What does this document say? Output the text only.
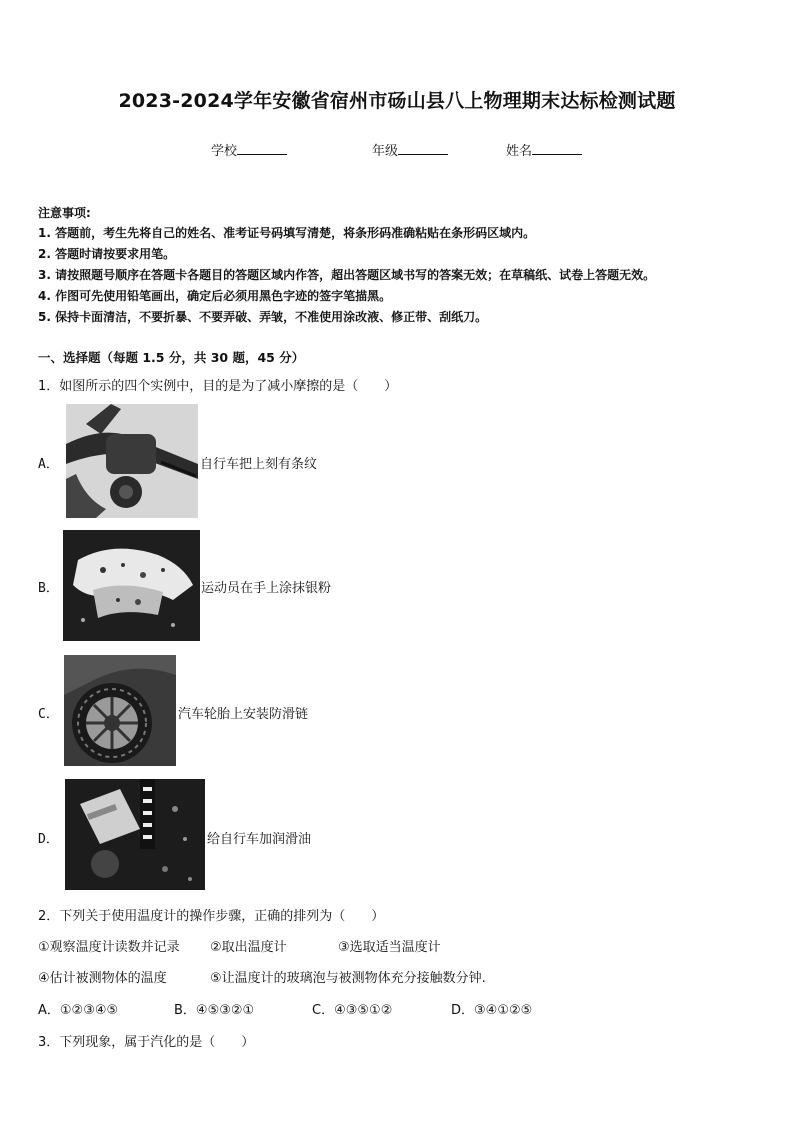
2023-2024学年安徽省宿州市砀山县八上物理期末达标检测试题
学校	年级	姓名
注意事项:
1. 答题前，考生先将自己的姓名、准考证号码填写清楚，将条形码准确粘贴在条形码区域内。
2. 答题时请按要求用笔。
3. 请按照题号顺序在答题卡各题目的答题区域内作答，超出答题区域书写的答案无效；在草稿纸、试卷上答题无效。
4. 作图可先使用铅笔画出，确定后必须用黑色字迹的签字笔描黑。
5. 保持卡面清洁，不要折暴、不要弄破、弄皱，不准使用涂改液、修正带、刮纸刀。
一、选择题（每题 1.5 分，共 30 题，45 分）
1．如图所示的四个实例中，目的是为了减小摩擦的是（　　）
A．	自行车把上刻有条纹
B．	运动员在手上涂抹银粉
C．	汽车轮胎上安装防滑链
D．	给自行车加润滑油
2．下列关于使用温度计的操作步骤，正确的排列为（　　）
①观察温度计读数并记录 ②取出温度计	③选取适当温度计
④估计被测物体的温度	⑤让温度计的玻璃泡与被测物体充分接触数分钟.
A．①②③④⑤	B．④⑤③②①	C．④③⑤①②	D．③④①②⑤
3．下列现象，属于汽化的是（　　）
